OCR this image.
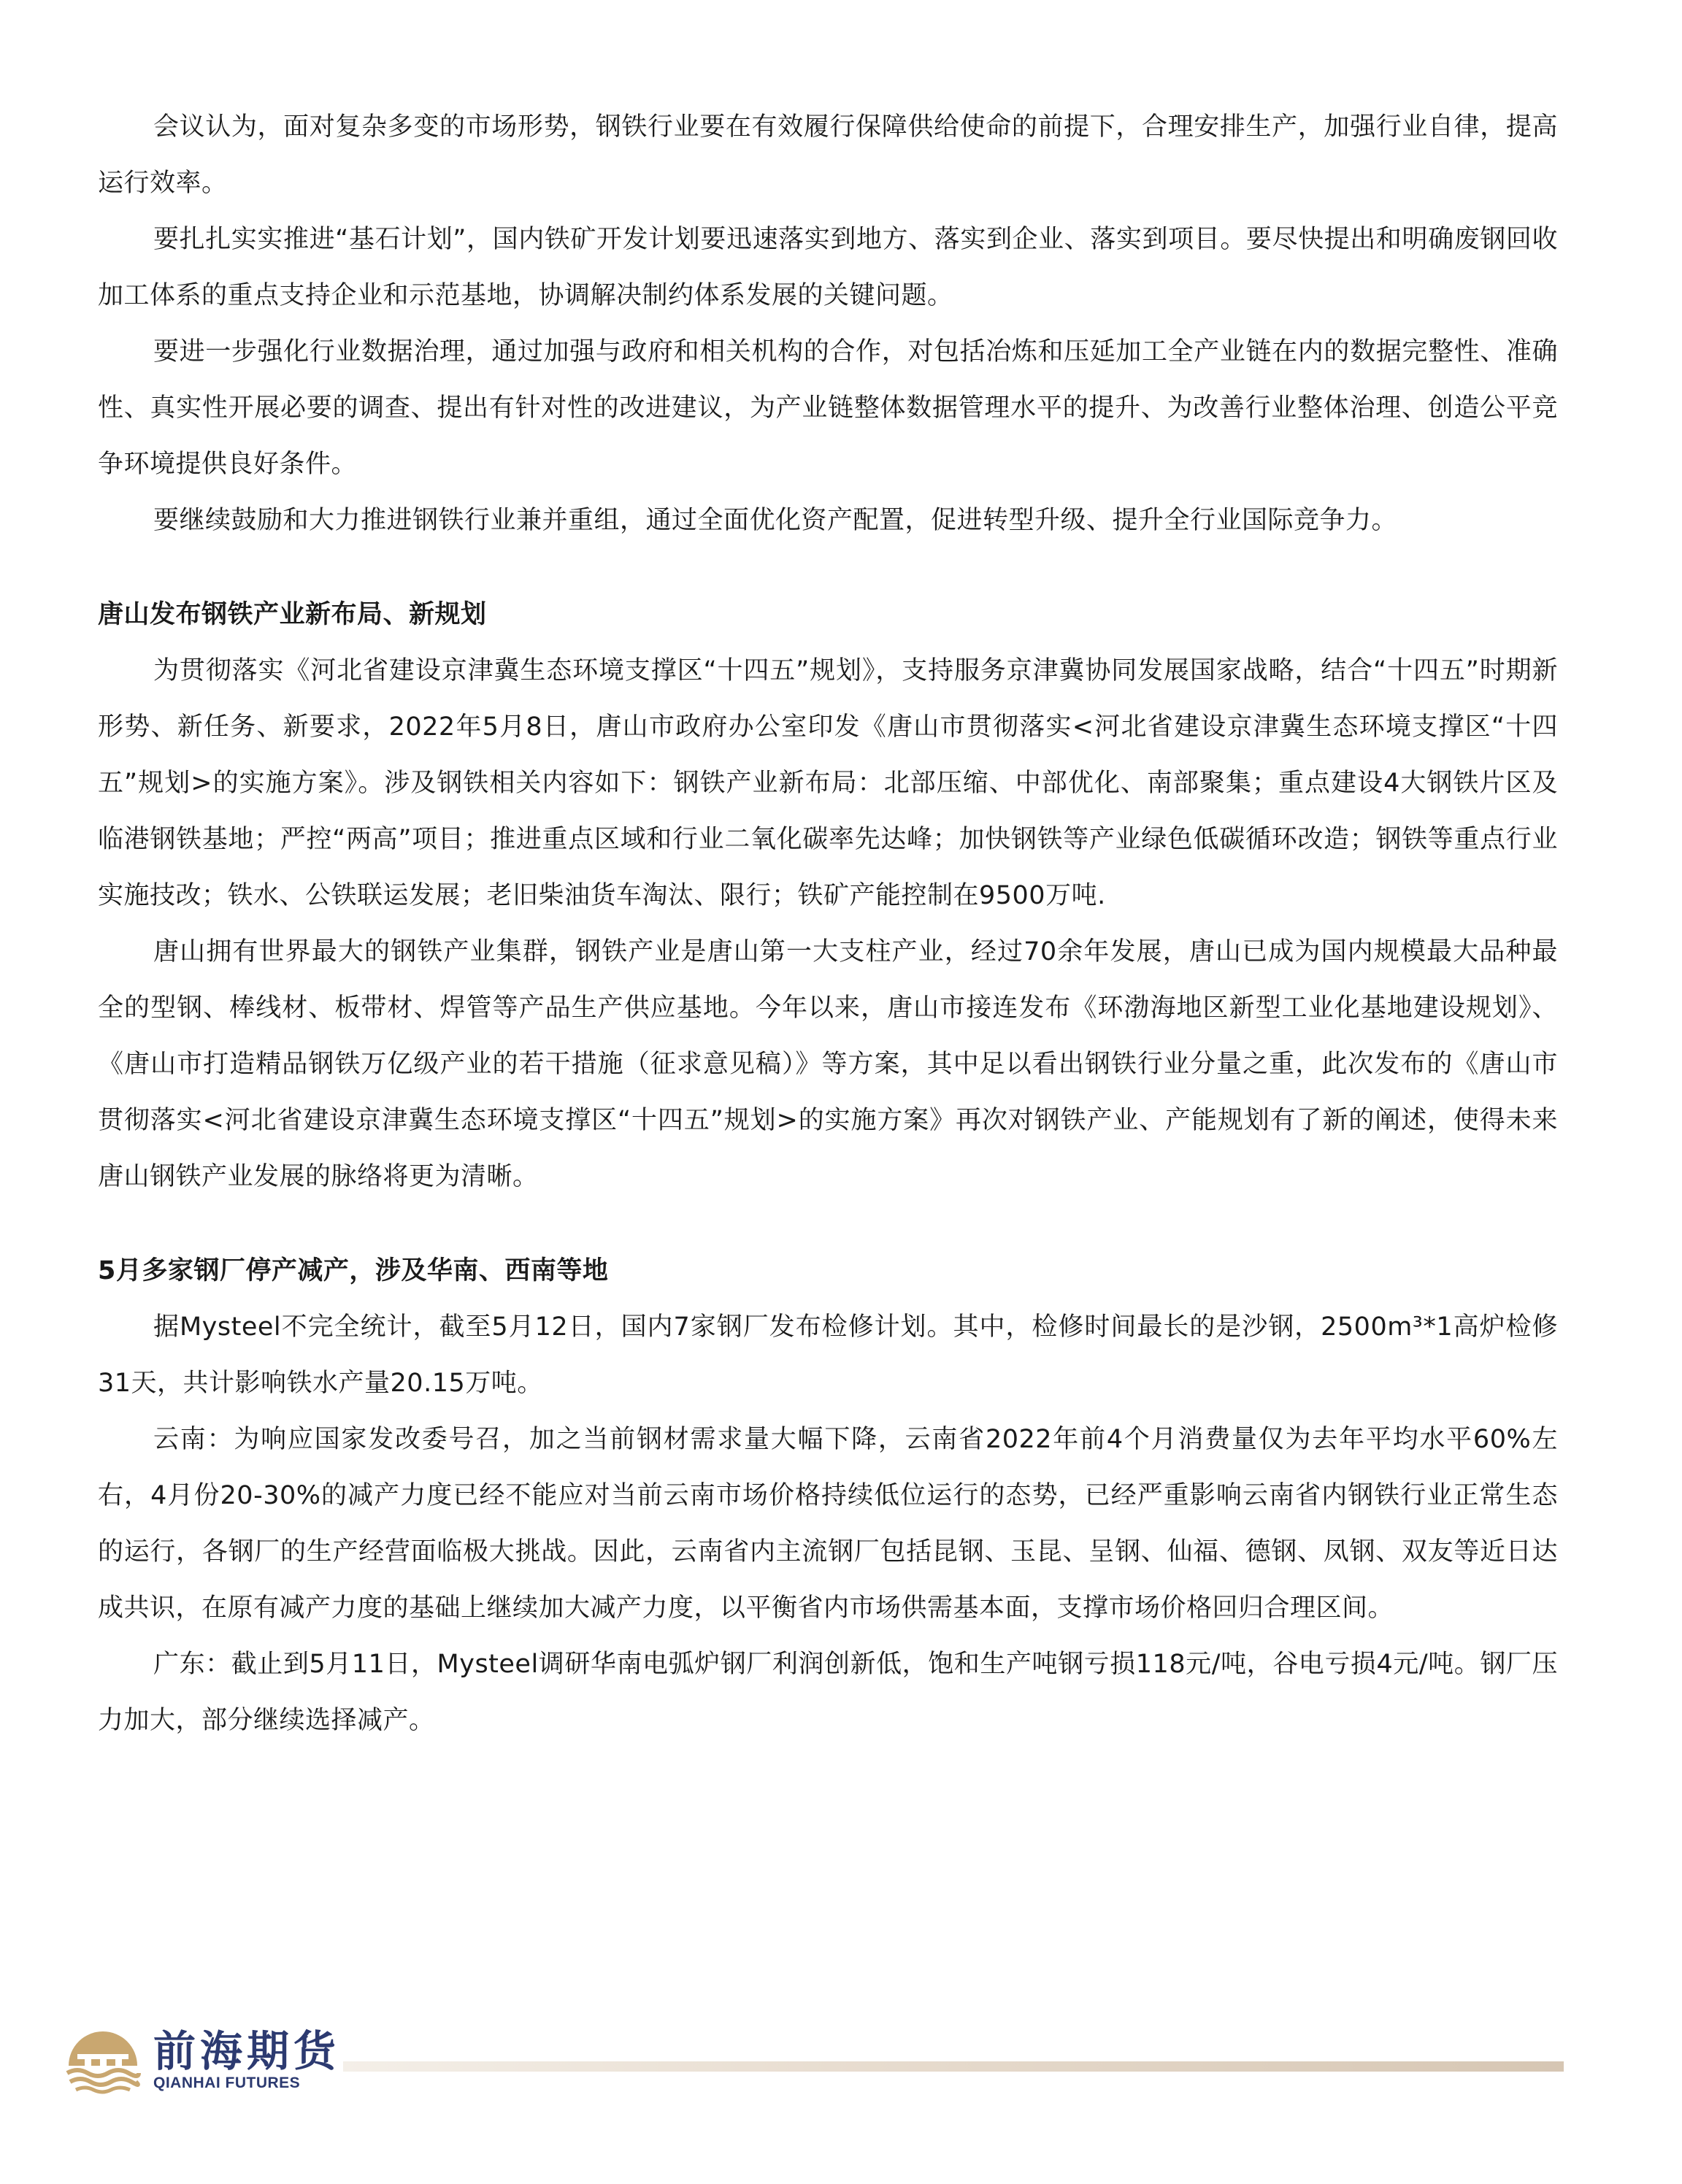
会议认为，面对复杂多变的市场形势，钢铁行业要在有效履行保障供给使命的前提下，合理安排生产，加强行业自律，提高运行效率。

要扎扎实实推进“基石计划”，国内铁矿开发计划要迅速落实到地方、落实到企业、落实到项目。要尽快提出和明确废钢回收加工体系的重点支持企业和示范基地，协调解决制约体系发展的关键问题。

要进一步强化行业数据治理，通过加强与政府和相关机构的合作，对包括冶炼和压延加工全产业链在内的数据完整性、准确性、真实性开展必要的调查、提出有针对性的改进建议，为产业链整体数据管理水平的提升、为改善行业整体治理、创造公平竞争环境提供良好条件。

要继续鼓励和大力推进钢铁行业兼并重组，通过全面优化资产配置，促进转型升级、提升全行业国际竞争力。

唐山发布钢铁产业新布局、新规划

为贯彻落实《河北省建设京津冀生态环境支撑区“十四五”规划》，支持服务京津冀协同发展国家战略，结合“十四五”时期新形势、新任务、新要求，2022年5月8日，唐山市政府办公室印发《唐山市贯彻落实<河北省建设京津冀生态环境支撑区“十四五”规划>的实施方案》。涉及钢铁相关内容如下：钢铁产业新布局：北部压缩、中部优化、南部聚集；重点建设4大钢铁片区及临港钢铁基地；严控“两高”项目；推进重点区域和行业二氧化碳率先达峰；加快钢铁等产业绿色低碳循环改造；钢铁等重点行业实施技改；铁水、公铁联运发展；老旧柴油货车淘汰、限行；铁矿产能控制在9500万吨.

唐山拥有世界最大的钢铁产业集群，钢铁产业是唐山第一大支柱产业，经过70余年发展，唐山已成为国内规模最大品种最全的型钢、棒线材、板带材、焊管等产品生产供应基地。今年以来，唐山市接连发布《环渤海地区新型工业化基地建设规划》、《唐山市打造精品钢铁万亿级产业的若干措施（征求意见稿）》等方案，其中足以看出钢铁行业分量之重，此次发布的《唐山市贯彻落实<河北省建设京津冀生态环境支撑区“十四五”规划>的实施方案》再次对钢铁产业、产能规划有了新的阐述，使得未来唐山钢铁产业发展的脉络将更为清晰。

5月多家钢厂停产减产，涉及华南、西南等地

据Mysteel不完全统计，截至5月12日，国内7家钢厂发布检修计划。其中，检修时间最长的是沙钢，2500m³*1高炉检修31天，共计影响铁水产量20.15万吨。

云南：为响应国家发改委号召，加之当前钢材需求量大幅下降，云南省2022年前4个月消费量仅为去年平均水平60%左右，4月份20-30%的减产力度已经不能应对当前云南市场价格持续低位运行的态势，已经严重影响云南省内钢铁行业正常生态的运行，各钢厂的生产经营面临极大挑战。因此，云南省内主流钢厂包括昆钢、玉昆、呈钢、仙福、德钢、凤钢、双友等近日达成共识，在原有减产力度的基础上继续加大减产力度，以平衡省内市场供需基本面，支撑市场价格回归合理区间。

广东：截止到5月11日，Mysteel调研华南电弧炉钢厂利润创新低，饱和生产吨钢亏损118元/吨，谷电亏损4元/吨。钢厂压力加大，部分继续选择减产。

前海期货
QIANHAI FUTURES
